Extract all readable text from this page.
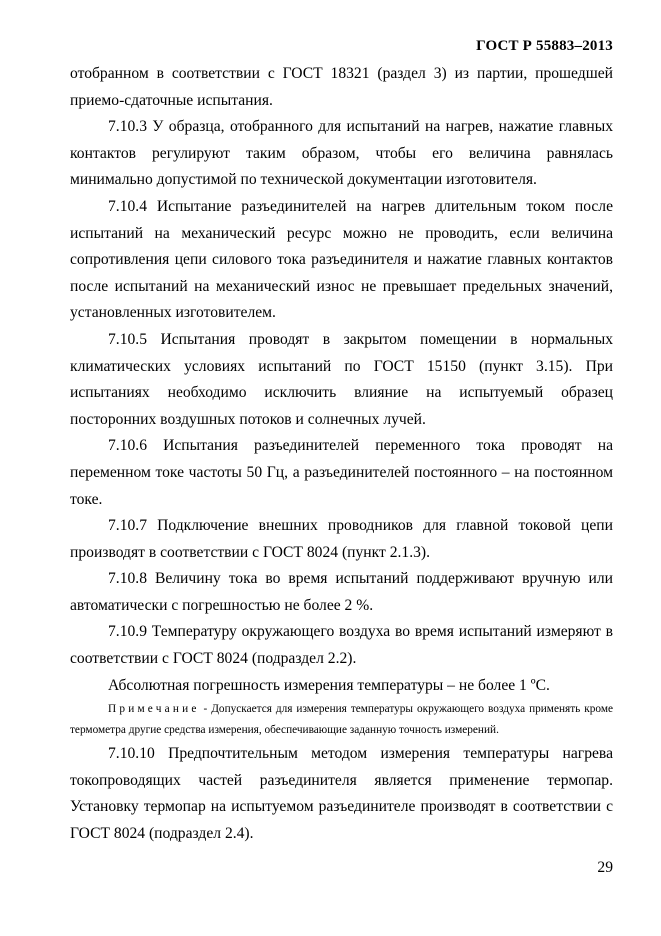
ГОСТ Р 55883–2013

отобранном в соответствии с ГОСТ 18321 (раздел 3) из партии, прошедшей приемо-сдаточные испытания.

7.10.3 У образца, отобранного для испытаний на нагрев, нажатие главных контактов регулируют таким образом, чтобы его величина равнялась минимально допустимой по технической документации изготовителя.

7.10.4 Испытание разъединителей на нагрев длительным током после испытаний на механический ресурс можно не проводить, если величина сопротивления цепи силового тока разъединителя и нажатие главных контактов после испытаний на механический износ не превышает предельных значений, установленных изготовителем.

7.10.5 Испытания проводят в закрытом помещении в нормальных климатических условиях испытаний по ГОСТ 15150 (пункт 3.15). При испытаниях необходимо исключить влияние на испытуемый образец посторонних воздушных потоков и солнечных лучей.

7.10.6 Испытания разъединителей переменного тока проводят на переменном токе частоты 50 Гц, а разъединителей постоянного – на постоянном токе.

7.10.7 Подключение внешних проводников для главной токовой цепи производят в соответствии с ГОСТ 8024 (пункт 2.1.3).

7.10.8 Величину тока во время испытаний поддерживают вручную или автоматически с погрешностью не более 2 %.

7.10.9 Температуру окружающего воздуха во время испытаний измеряют в соответствии с ГОСТ 8024 (подраздел 2.2).

Абсолютная погрешность измерения температуры – не более 1 ºС.

Примечание - Допускается для измерения температуры окружающего воздуха применять кроме термометра другие средства измерения, обеспечивающие заданную точность измерений.

7.10.10 Предпочтительным методом измерения температуры нагрева токопроводящих частей разъединителя является применение термопар. Установку термопар на испытуемом разъединителе производят в соответствии с ГОСТ 8024 (подраздел 2.4).

29
